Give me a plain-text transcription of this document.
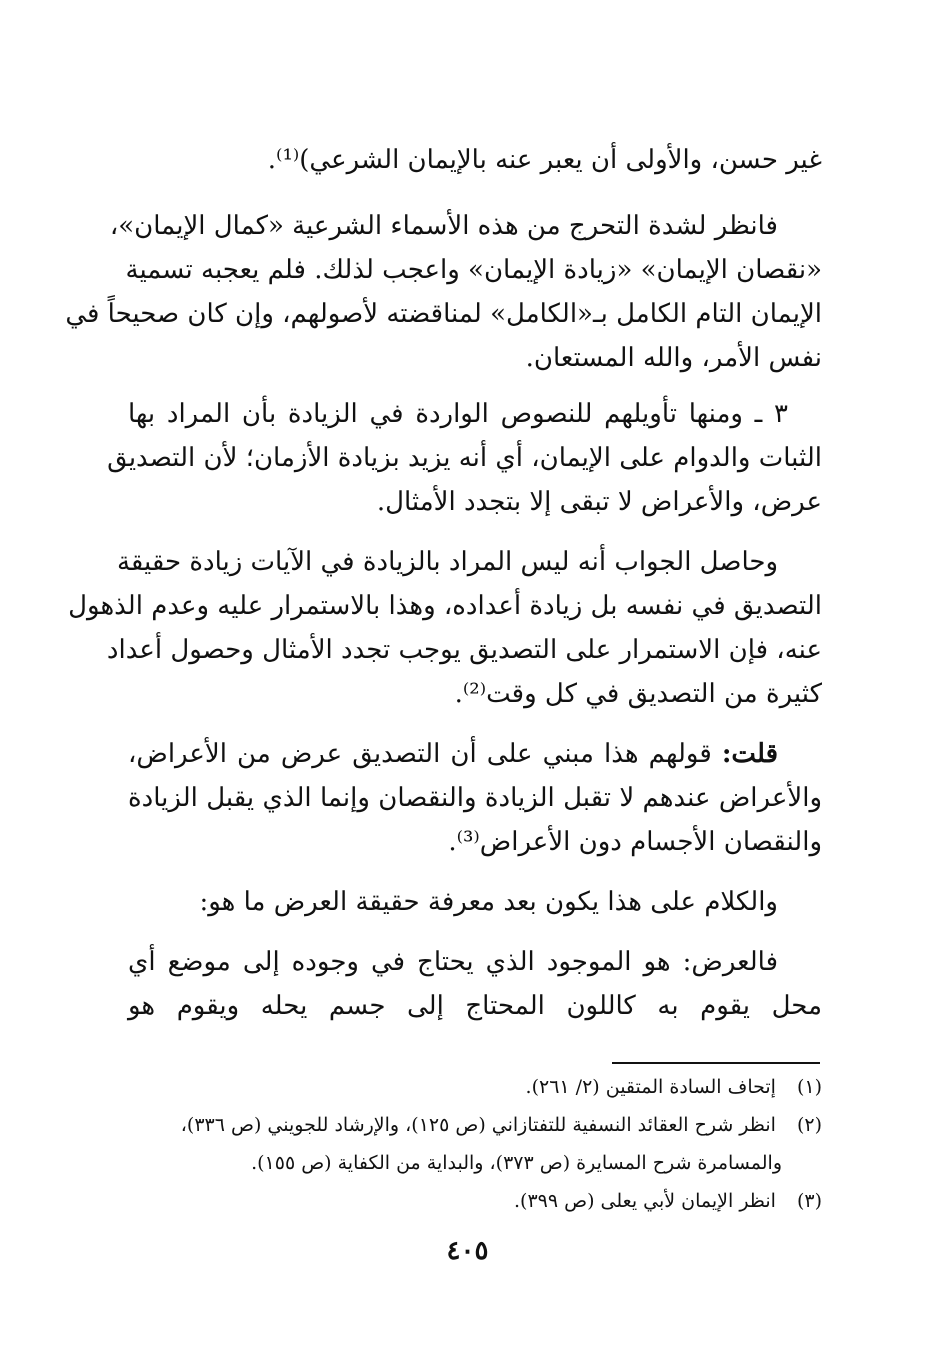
غير حسن، والأولى أن يعبر عنه بالإيمان الشرعي)⁽¹⁾.
فانظر لشدة التحرج من هذه الأسماء الشرعية «كمال الإيمان»،
«نقصان الإيمان» «زيادة الإيمان» واعجب لذلك. فلم يعجبه تسمية
الإيمان التام الكامل بـ«الكامل» لمناقضته لأصولهم، وإن كان صحيحاً في
نفس الأمر، والله المستعان.
٣ ـ ومنها تأويلهم للنصوص الواردة في الزيادة بأن المراد بها
الثبات والدوام على الإيمان، أي أنه يزيد بزيادة الأزمان؛ لأن التصديق
عرض، والأعراض لا تبقى إلا بتجدد الأمثال.
وحاصل الجواب أنه ليس المراد بالزيادة في الآيات زيادة حقيقة
التصديق في نفسه بل زيادة أعداده، وهذا بالاستمرار عليه وعدم الذهول
عنه، فإن الاستمرار على التصديق يوجب تجدد الأمثال وحصول أعداد
كثيرة من التصديق في كل وقت⁽²⁾.
قلت: قولهم هذا مبني على أن التصديق عرض من الأعراض،
والأعراض عندهم لا تقبل الزيادة والنقصان وإنما الذي يقبل الزيادة
والنقصان الأجسام دون الأعراض⁽³⁾.
والكلام على هذا يكون بعد معرفة حقيقة العرض ما هو:
فالعرض: هو الموجود الذي يحتاج في وجوده إلى موضع أي
محل يقوم به كاللون المحتاج إلى جسم يحله ويقوم هو
(١) إتحاف السادة المتقين (٢/ ٢٦١).
(٢) انظر شرح العقائد النسفية للتفتازاني (ص ١٢٥)، والإرشاد للجويني (ص ٣٣٦)،
والمسامرة شرح المسايرة (ص ٣٧٣)، والبداية من الكفاية (ص ١٥٥).
(٣) انظر الإيمان لأبي يعلى (ص ٣٩٩).
٤٠٥
